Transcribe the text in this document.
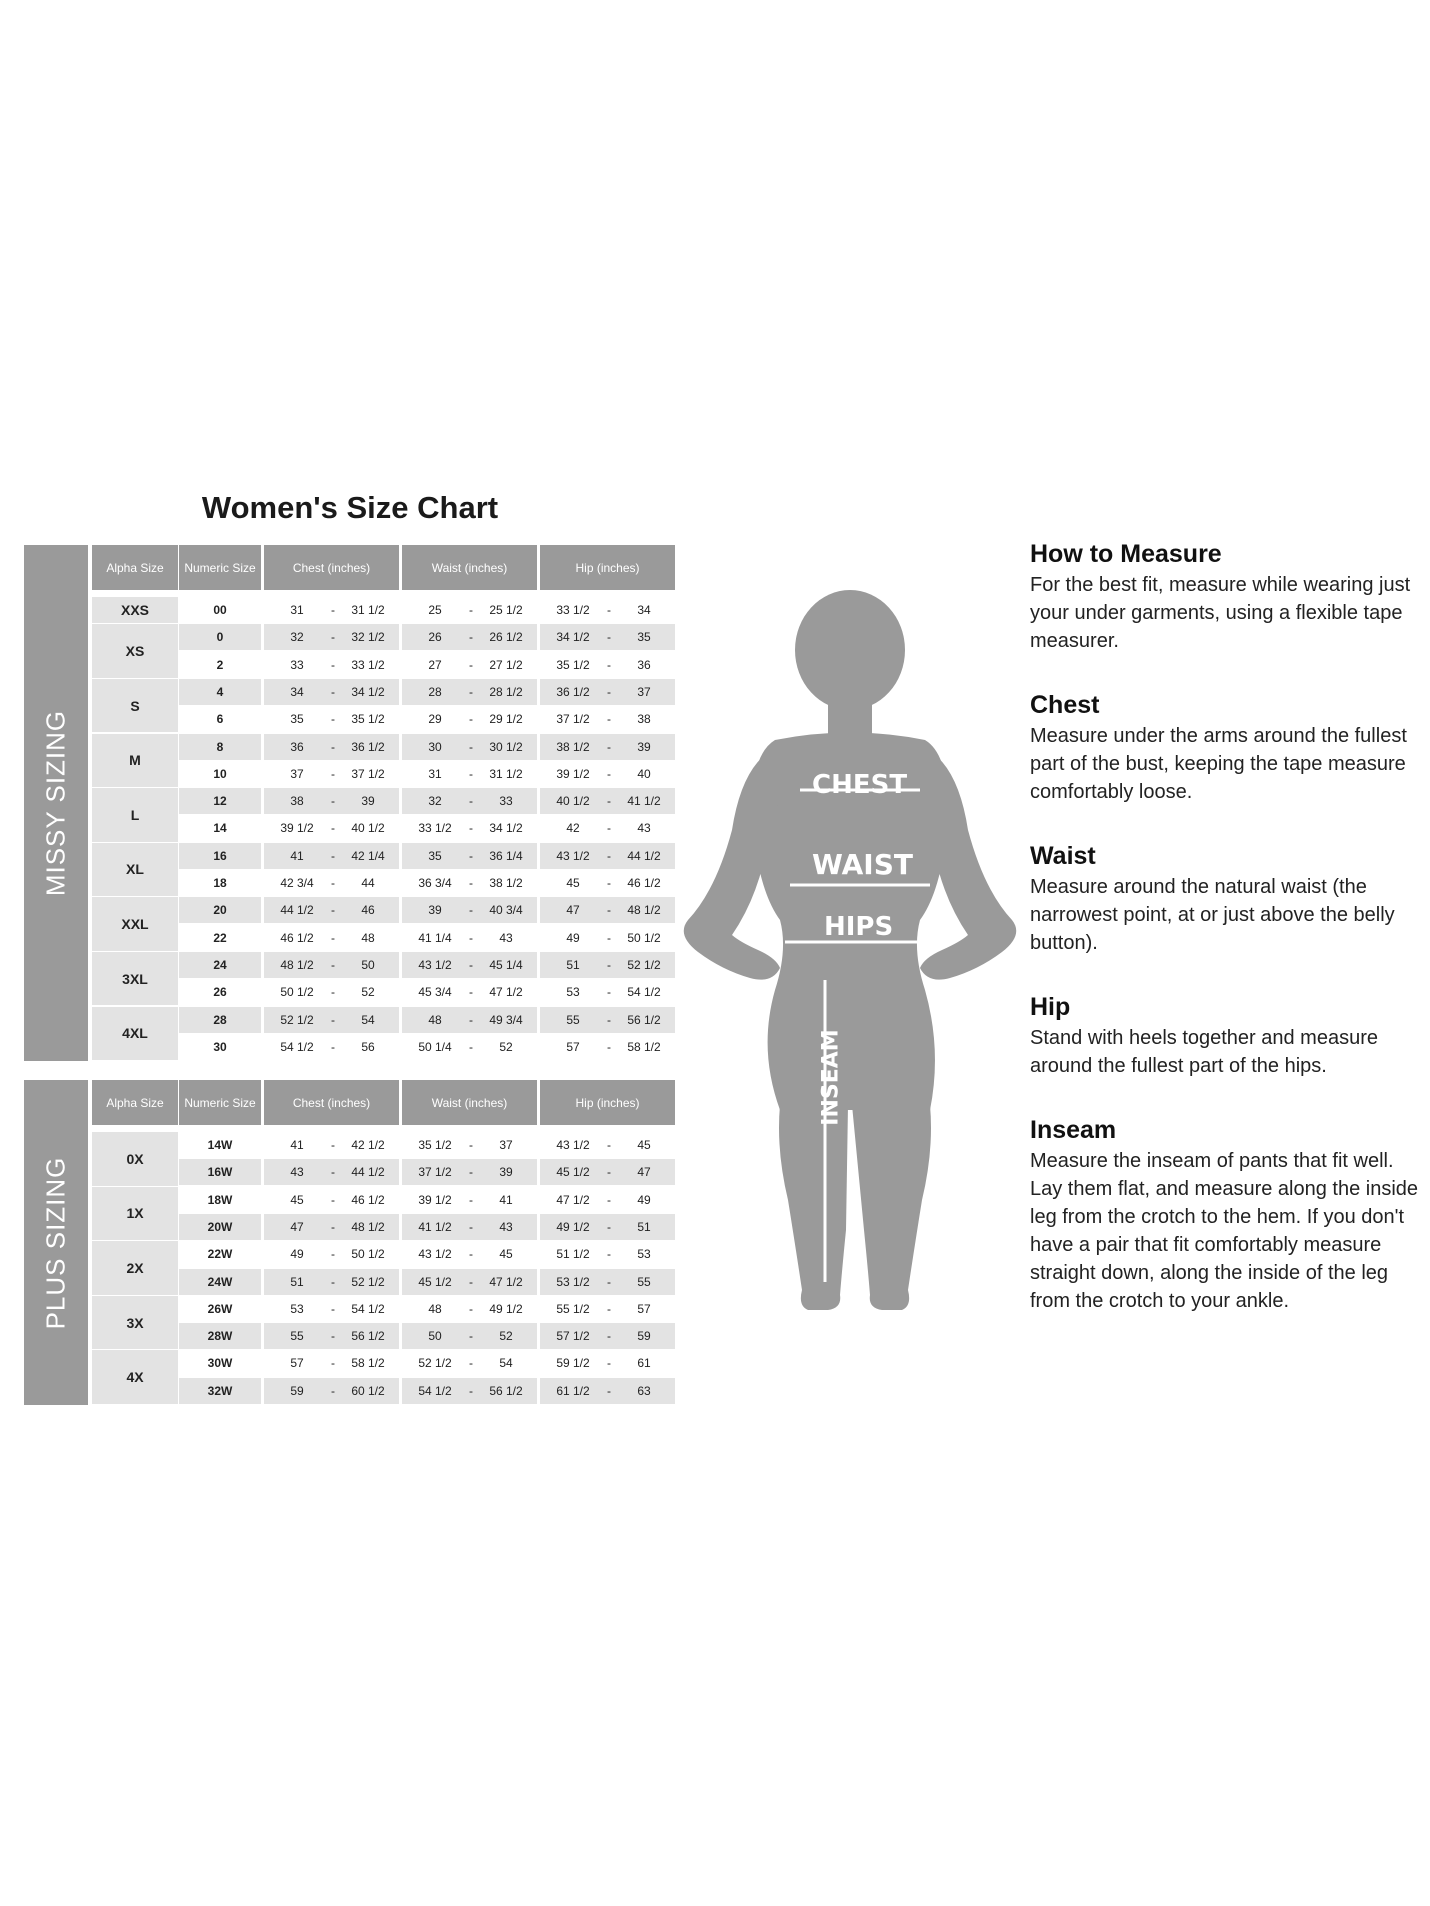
Women's Size Chart
MISSY SIZING
Alpha Size	Numeric Size	Chest (inches)	Waist (inches)	Hip (inches)
XXS	00	31	-	31 1/2	25	-	25 1/2	33 1/2	-	34
XS
0	32	-	32 1/2	26	-	26 1/2	34 1/2	-	35
2	33	-	33 1/2	27	-	27 1/2	35 1/2	-	36
S
4	34	-	34 1/2	28	-	28 1/2	36 1/2	-	37
6	35	-	35 1/2	29	-	29 1/2	37 1/2	-	38
M
8	36	-	36 1/2	30	-	30 1/2	38 1/2	-	39
10	37	-	37 1/2	31	-	31 1/2	39 1/2	-	40
L
12	38	-	39	32	-	33	40 1/2	-	41 1/2
14	39 1/2	-	40 1/2	33 1/2	-	34 1/2	42	-	43
XL
16	41	-	42 1/4	35	-	36 1/4	43 1/2	-	44 1/2
18	42 3/4	-	44	36 3/4	-	38 1/2	45	-	46 1/2
XXL
20	44 1/2	-	46	39	-	40 3/4	47	-	48 1/2
22	46 1/2	-	48	41 1/4	-	43	49	-	50 1/2
3XL
24	48 1/2	-	50	43 1/2	-	45 1/4	51	-	52 1/2
26	50 1/2	-	52	45 3/4	-	47 1/2	53	-	54 1/2
4XL
28	52 1/2	-	54	48	-	49 3/4	55	-	56 1/2
30	54 1/2	-	56	50 1/4	-	52	57	-	58 1/2
PLUS SIZING
Alpha Size	Numeric Size	Chest (inches)	Waist (inches)	Hip (inches)
0X
14W	41	-	42 1/2	35 1/2	-	37	43 1/2	-	45
16W	43	-	44 1/2	37 1/2	-	39	45 1/2	-	47
1X
18W	45	-	46 1/2	39 1/2	-	41	47 1/2	-	49
20W	47	-	48 1/2	41 1/2	-	43	49 1/2	-	51
2X
22W	49	-	50 1/2	43 1/2	-	45	51 1/2	-	53
24W	51	-	52 1/2	45 1/2	-	47 1/2	53 1/2	-	55
3X
26W	53	-	54 1/2	48	-	49 1/2	55 1/2	-	57
28W	55	-	56 1/2	50	-	52	57 1/2	-	59
4X
30W	57	-	58 1/2	52 1/2	-	54	59 1/2	-	61
32W	59	-	60 1/2	54 1/2	-	56 1/2	61 1/2	-	63
CHEST
WAIST
HIPS
INSEAM
How to Measure

For the best fit, measure while wearing just your under garments, using a flexible tape measurer.

Chest

Measure under the arms around the fullest part of the bust, keeping the tape measure comfortably loose.

Waist

Measure around the natural waist (the narrowest point, at or just above the belly button).

Hip

Stand with heels together and measure around the fullest part of the hips.

Inseam

Measure the inseam of pants that fit well. Lay them flat, and measure along the inside leg from the crotch to the hem. If you don't have a pair that fit comfortably measure straight down, along the inside of the leg from the crotch to your ankle.
